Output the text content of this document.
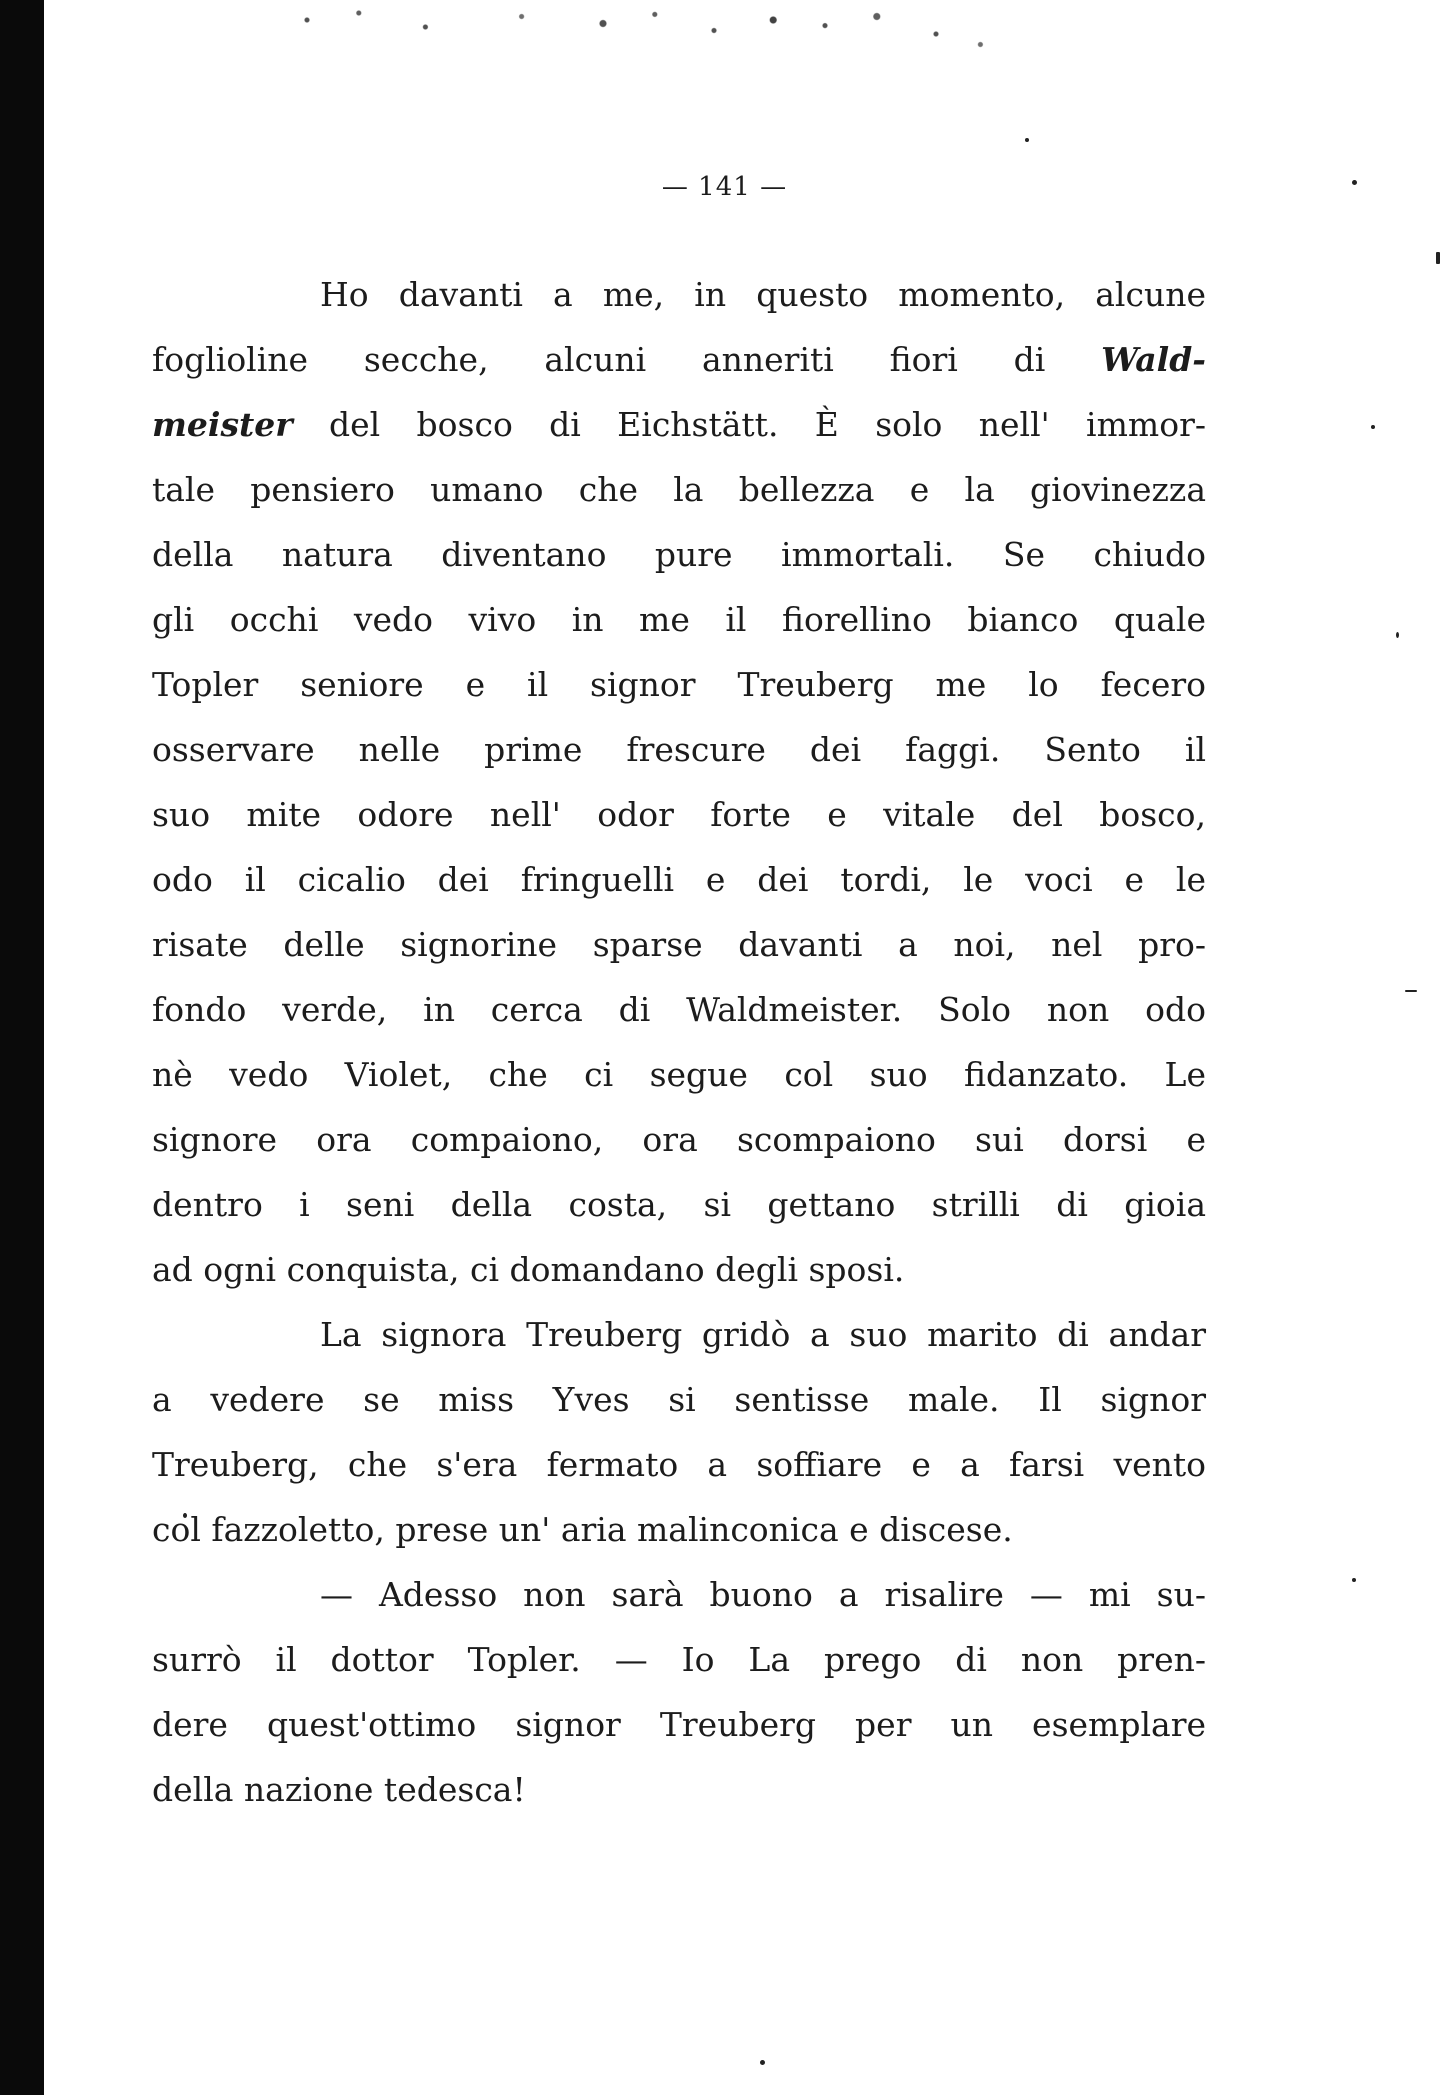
— 141 —

Ho davanti a me, in questo momento, alcune
foglioline secche, alcuni anneriti fiori di Wald-
meister del bosco di Eichstätt. È solo nell' immor-
tale pensiero umano che la bellezza e la giovinezza
della natura diventano pure immortali. Se chiudo
gli occhi vedo vivo in me il fiorellino bianco quale
Topler seniore e il signor Treuberg me lo fecero
osservare nelle prime frescure dei faggi. Sento il
suo mite odore nell' odor forte e vitale del bosco,
odo il cicalio dei fringuelli e dei tordi, le voci e le
risate delle signorine sparse davanti a noi, nel pro-
fondo verde, in cerca di Waldmeister. Solo non odo
nè vedo Violet, che ci segue col suo fidanzato. Le
signore ora compaiono, ora scompaiono sui dorsi e
dentro i seni della costa, si gettano strilli di gioia
ad ogni conquista, ci domandano degli sposi.

La signora Treuberg gridò a suo marito di andar
a vedere se miss Yves si sentisse male. Il signor
Treuberg, che s'era fermato a soffiare e a farsi vento
col fazzoletto, prese un' aria malinconica e discese.

— Adesso non sarà buono a risalire — mi su-
surrò il dottor Topler. — Io La prego di non pren-
dere quest'ottimo signor Treuberg per un esemplare
della nazione tedesca!
